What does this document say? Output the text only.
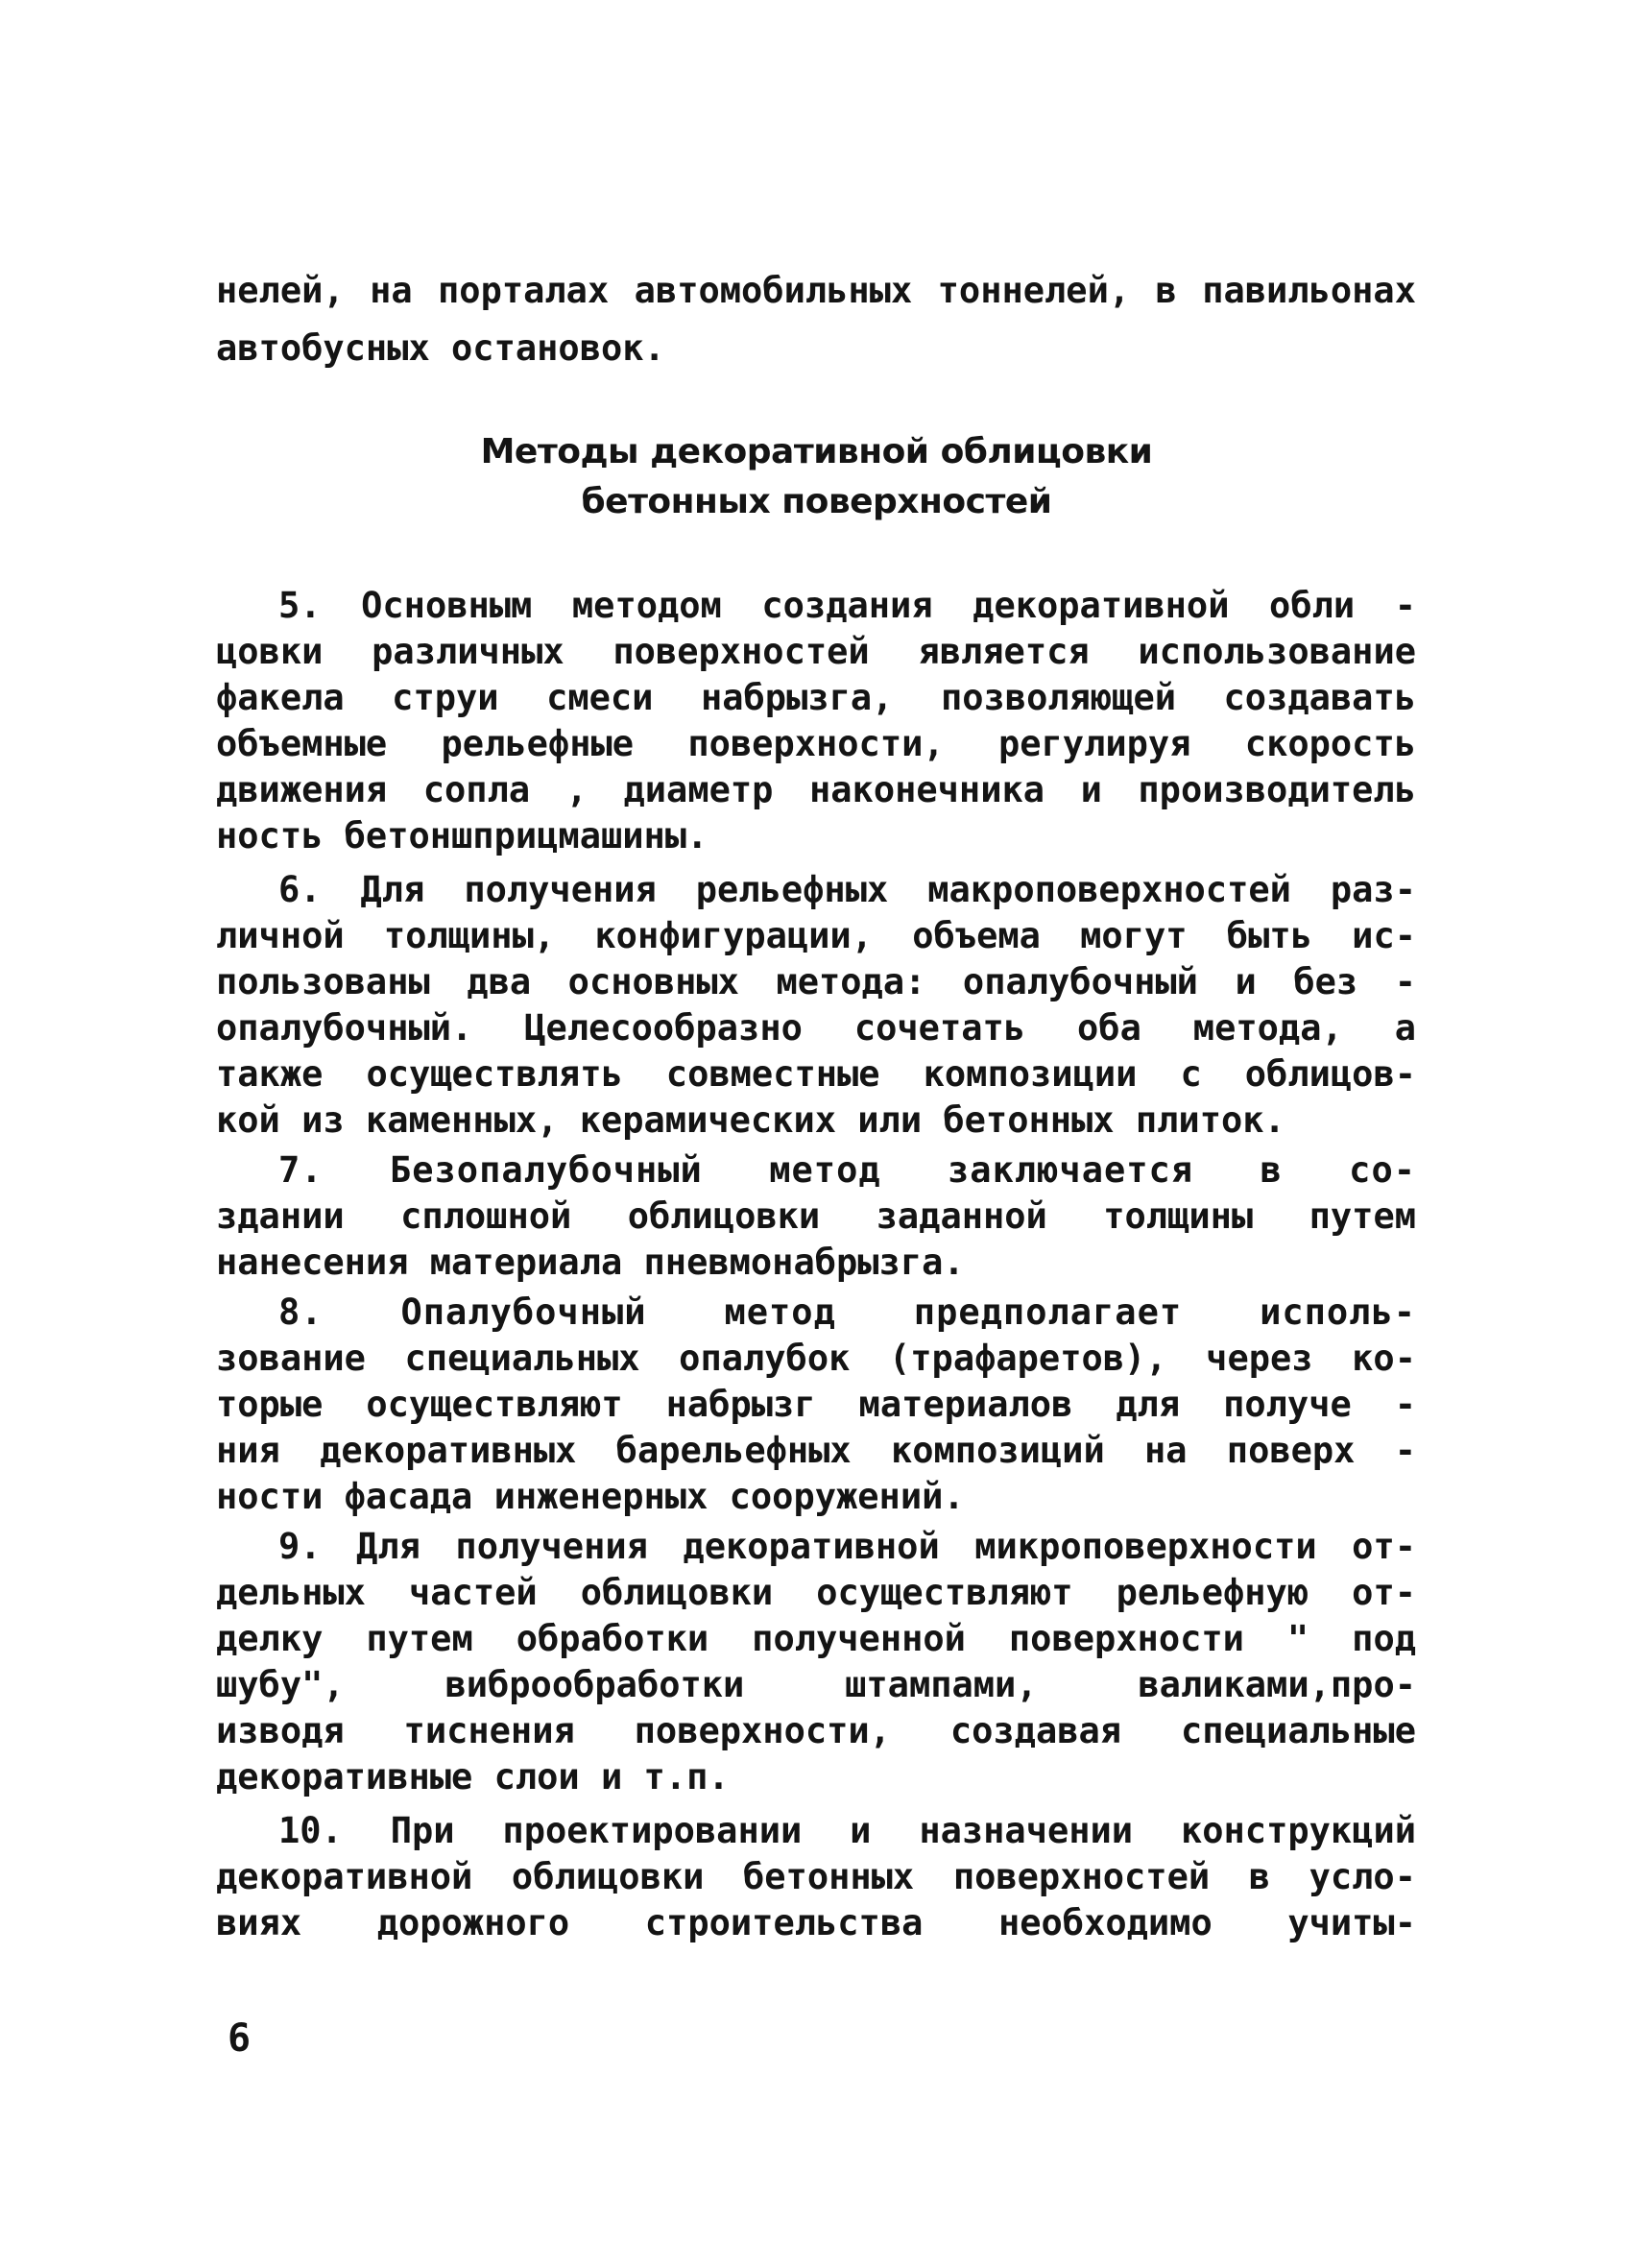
нелей, на порталах автомобильных тоннелей, в павильонах
автобусных остановок.
Методы декоративной облицовки
бетонных поверхностей
5. Основным методом создания декоративной обли -
цовки различных поверхностей является использование
факела струи смеси набрызга, позволяющей создавать
объемные рельефные поверхности, регулируя скорость
движения сопла , диаметр наконечника и производитель
ность бетоншприцмашины.
6. Для получения рельефных макроповерхностей раз-
личной толщины, конфигурации, объема могут быть ис-
пользованы два основных метода: опалубочный и без -
опалубочный. Целесообразно сочетать оба метода, а
также осуществлять совместные композиции с облицов-
кой из каменных, керамических или бетонных плиток.
7. Безопалубочный метод заключается в со-
здании сплошной облицовки заданной толщины путем
нанесения материала пневмонабрызга.
8. Опалубочный метод предполагает исполь-
зование специальных опалубок (трафаретов), через ко-
торые осуществляют набрызг материалов для получе -
ния декоративных барельефных композиций на поверх -
ности фасада инженерных сооружений.
9. Для получения декоративной микроповерхности от-
дельных частей облицовки осуществляют рельефную от-
делку путем обработки полученной поверхности " под
шубу", виброобработки штампами, валиками,про-
изводя тиснения поверхности, создавая специальные
декоративные слои и т.п.
10. При проектировании и назначении конструкций
декоративной облицовки бетонных поверхностей в усло-
виях дорожного строительства необходимо учиты-
6
